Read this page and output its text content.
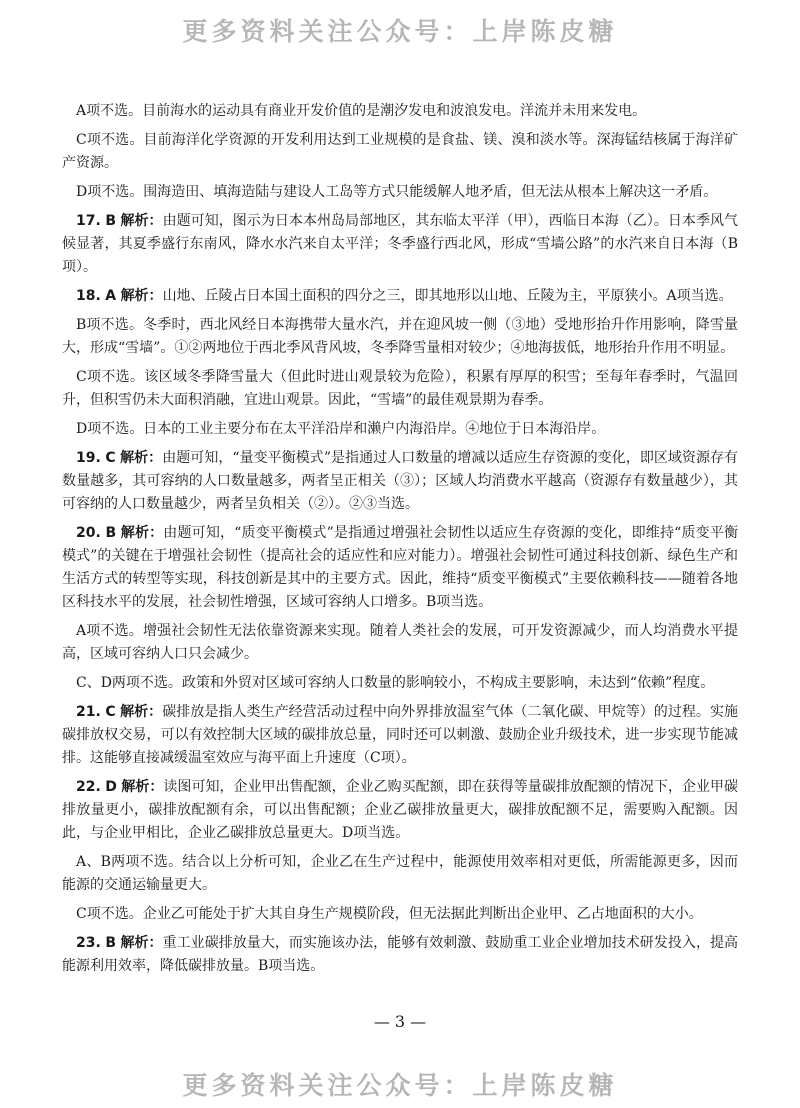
更多资料关注公众号：上岸陈皮糖

A项不选。目前海水的运动具有商业开发价值的是潮汐发电和波浪发电。洋流并未用来发电。

C项不选。目前海洋化学资源的开发利用达到工业规模的是食盐、镁、溴和淡水等。深海锰结核属于海洋矿产资源。

D项不选。围海造田、填海造陆与建设人工岛等方式只能缓解人地矛盾，但无法从根本上解决这一矛盾。

17. B 解析：由题可知，图示为日本本州岛局部地区，其东临太平洋（甲），西临日本海（乙）。日本季风气候显著，其夏季盛行东南风，降水水汽来自太平洋；冬季盛行西北风，形成“雪墙公路”的水汽来自日本海（B项）。

18. A 解析：山地、丘陵占日本国土面积的四分之三，即其地形以山地、丘陵为主，平原狭小。A项当选。

B项不选。冬季时，西北风经日本海携带大量水汽，并在迎风坡一侧（③地）受地形抬升作用影响，降雪量大，形成“雪墙”。①②两地位于西北季风背风坡，冬季降雪量相对较少；④地海拔低，地形抬升作用不明显。

C项不选。该区域冬季降雪量大（但此时进山观景较为危险），积累有厚厚的积雪；至每年春季时，气温回升，但积雪仍未大面积消融，宜进山观景。因此，“雪墙”的最佳观景期为春季。

D项不选。日本的工业主要分布在太平洋沿岸和濑户内海沿岸。④地位于日本海沿岸。

19. C 解析：由题可知，“量变平衡模式”是指通过人口数量的增减以适应生存资源的变化，即区域资源存有数量越多，其可容纳的人口数量越多，两者呈正相关（③）；区域人均消费水平越高（资源存有数量越少），其可容纳的人口数量越少，两者呈负相关（②）。②③当选。

20. B 解析：由题可知，“质变平衡模式”是指通过增强社会韧性以适应生存资源的变化，即维持“质变平衡模式”的关键在于增强社会韧性（提高社会的适应性和应对能力）。增强社会韧性可通过科技创新、绿色生产和生活方式的转型等实现，科技创新是其中的主要方式。因此，维持“质变平衡模式”主要依赖科技——随着各地区科技水平的发展，社会韧性增强，区域可容纳人口增多。B项当选。

A项不选。增强社会韧性无法依靠资源来实现。随着人类社会的发展，可开发资源减少，而人均消费水平提高，区域可容纳人口只会减少。

C、D两项不选。政策和外贸对区域可容纳人口数量的影响较小，不构成主要影响，未达到“依赖”程度。

21. C 解析：碳排放是指人类生产经营活动过程中向外界排放温室气体（二氧化碳、甲烷等）的过程。实施碳排放权交易，可以有效控制大区域的碳排放总量，同时还可以刺激、鼓励企业升级技术，进一步实现节能减排。这能够直接减缓温室效应与海平面上升速度（C项）。

22. D 解析：读图可知，企业甲出售配额，企业乙购买配额，即在获得等量碳排放配额的情况下，企业甲碳排放量更小，碳排放配额有余，可以出售配额；企业乙碳排放量更大，碳排放配额不足，需要购入配额。因此，与企业甲相比，企业乙碳排放总量更大。D项当选。

A、B两项不选。结合以上分析可知，企业乙在生产过程中，能源使用效率相对更低，所需能源更多，因而能源的交通运输量更大。

C项不选。企业乙可能处于扩大其自身生产规模阶段，但无法据此判断出企业甲、乙占地面积的大小。

23. B 解析：重工业碳排放量大，而实施该办法，能够有效刺激、鼓励重工业企业增加技术研发投入，提高能源利用效率，降低碳排放量。B项当选。

— 3 —
更多资料关注公众号：上岸陈皮糖
